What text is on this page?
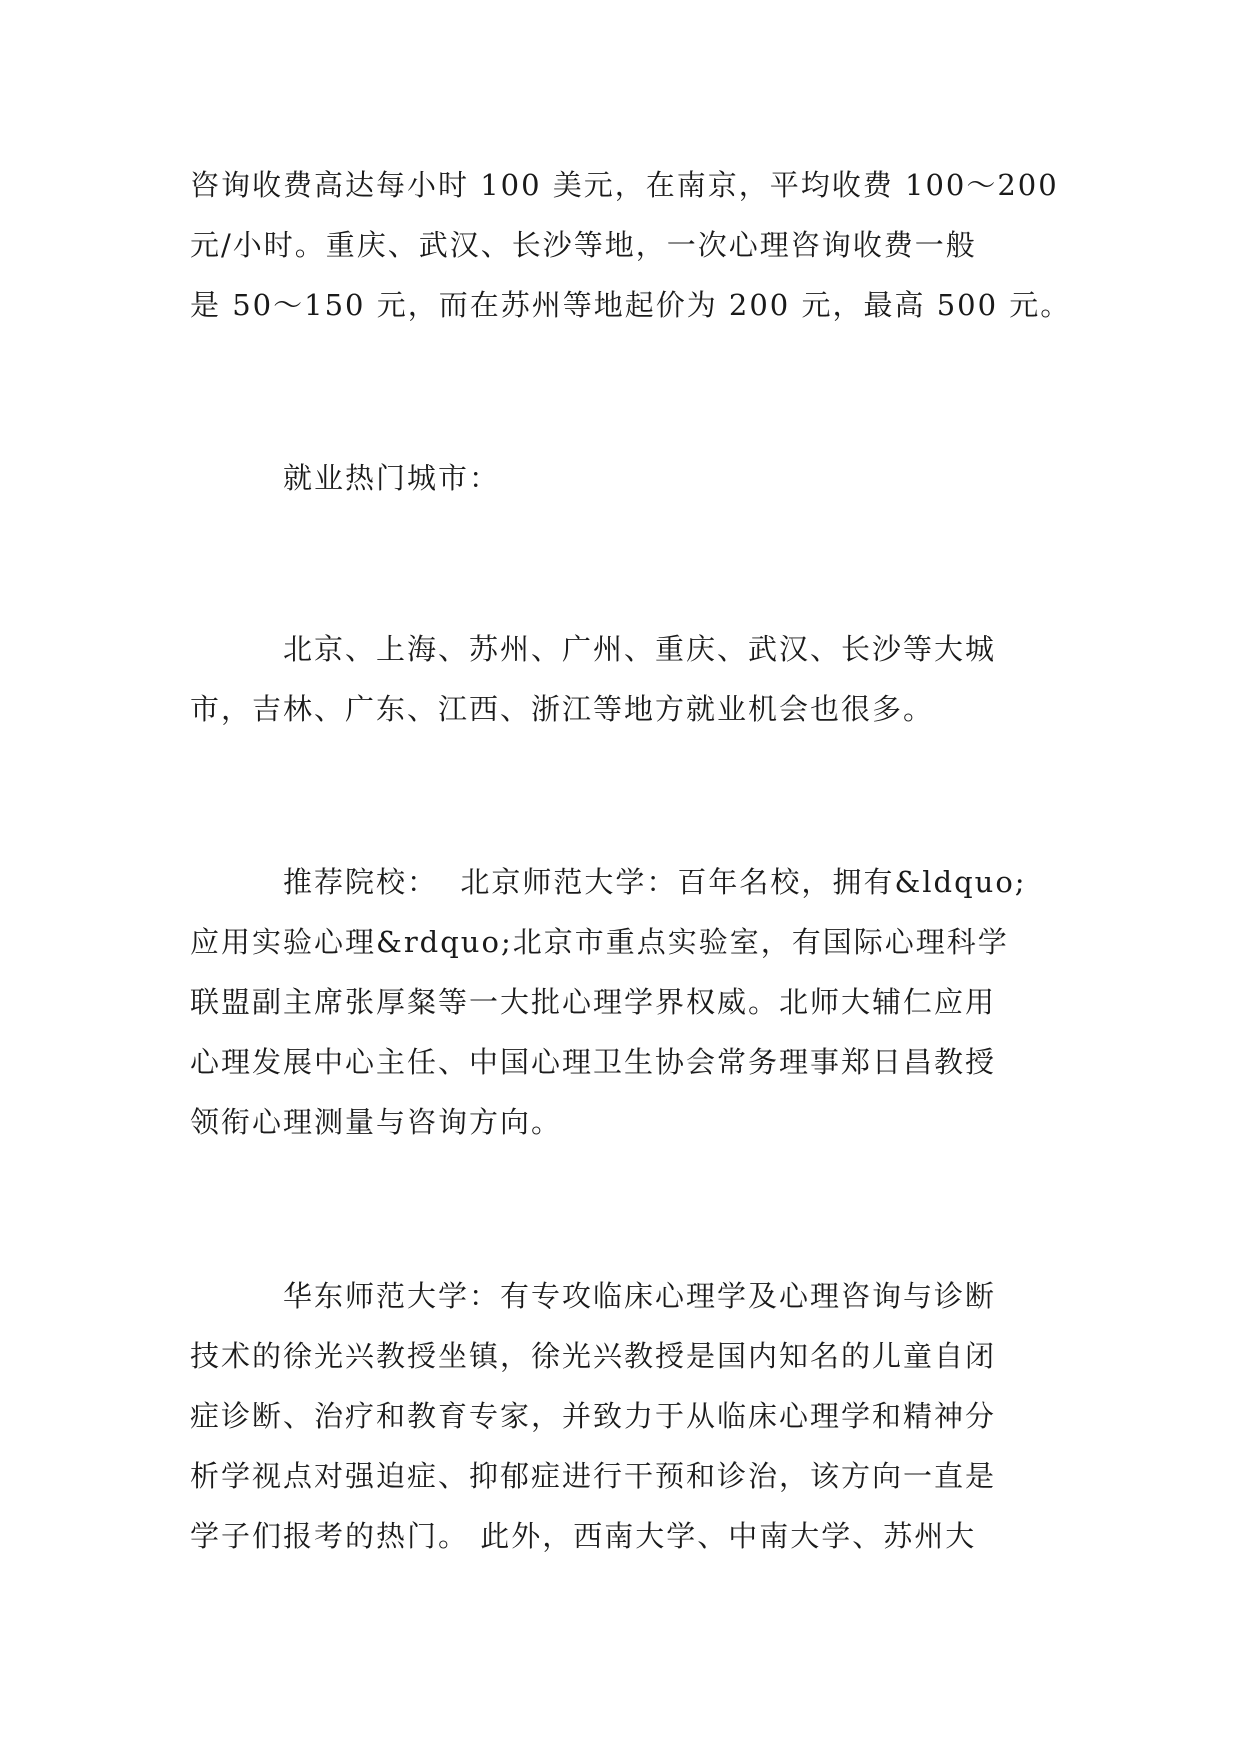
咨询收费高达每小时 100 美元，在南京，平均收费 100～200
元/小时。重庆、武汉、长沙等地，一次心理咨询收费一般
是 50～150 元，而在苏州等地起价为 200 元，最高 500 元。
　　　就业热门城市：
　　　北京、上海、苏州、广州、重庆、武汉、长沙等大城
市，吉林、广东、江西、浙江等地方就业机会也很多。
　　　推荐院校：  北京师范大学：百年名校，拥有&ldquo;
应用实验心理&rdquo;北京市重点实验室，有国际心理科学
联盟副主席张厚粲等一大批心理学界权威。北师大辅仁应用
心理发展中心主任、中国心理卫生协会常务理事郑日昌教授
领衔心理测量与咨询方向。
　　　华东师范大学：有专攻临床心理学及心理咨询与诊断
技术的徐光兴教授坐镇，徐光兴教授是国内知名的儿童自闭
症诊断、治疗和教育专家，并致力于从临床心理学和精神分
析学视点对强迫症、抑郁症进行干预和诊治，该方向一直是
学子们报考的热门。 此外，西南大学、中南大学、苏州大
